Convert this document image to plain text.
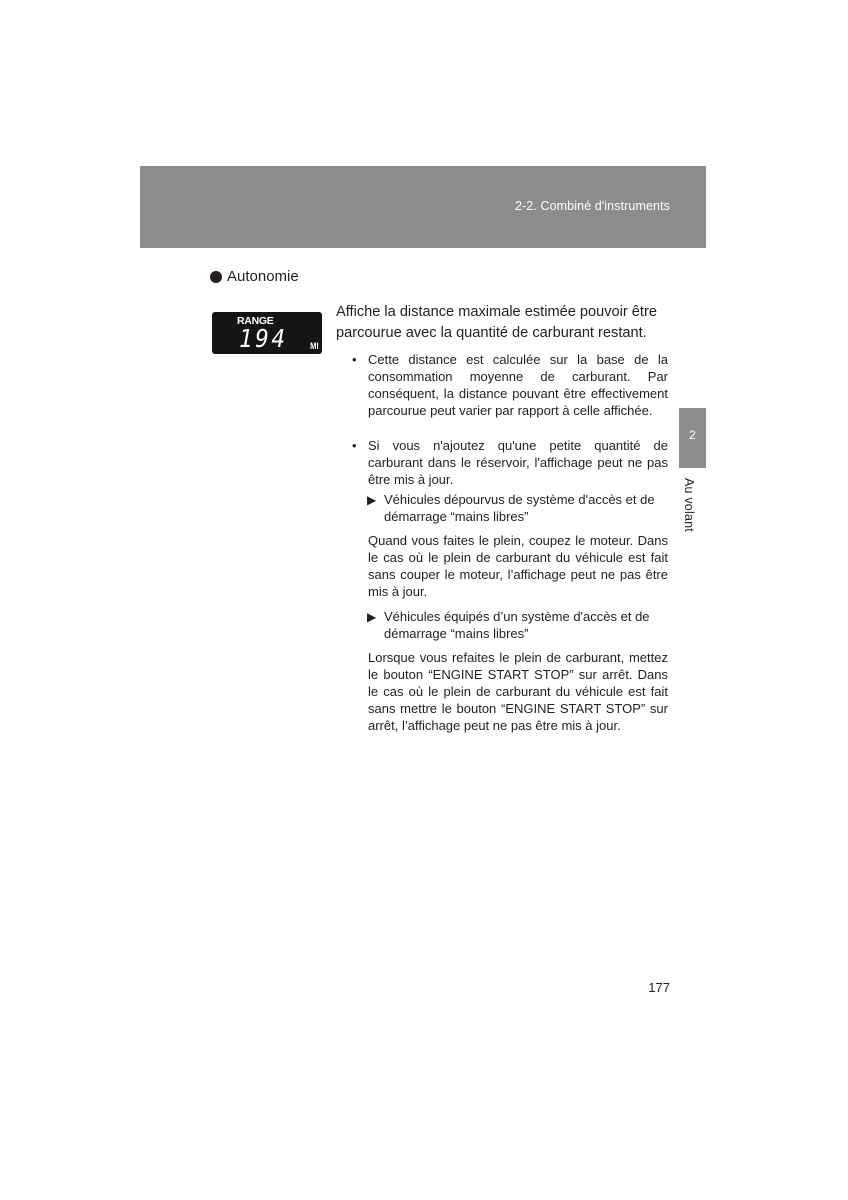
2-2. Combiné d'instruments
2
Au volant
Autonomie
RANGE
194 MI
Affiche la distance maximale estimée pouvoir être parcourue avec la quantité de carburant restant.
• Cette distance est calculée sur la base de la consommation moyenne de carburant. Par conséquent, la distance pouvant être effectivement parcourue peut varier par rapport à celle affichée.
• Si vous n'ajoutez qu'une petite quantité de carburant dans le réservoir, l'affichage peut ne pas être mis à jour.
▶ Véhicules dépourvus de système d'accès et de démarrage “mains libres”
Quand vous faites le plein, coupez le moteur. Dans le cas où le plein de carburant du véhicule est fait sans couper le moteur, l’affichage peut ne pas être mis à jour.
▶ Véhicules équipés d’un système d'accès et de démarrage “mains libres”
Lorsque vous refaites le plein de carburant, mettez le bouton “ENGINE START STOP” sur arrêt. Dans le cas où le plein de carburant du véhicule est fait sans mettre le bouton “ENGINE START STOP” sur arrêt, l’affichage peut ne pas être mis à jour.
177
